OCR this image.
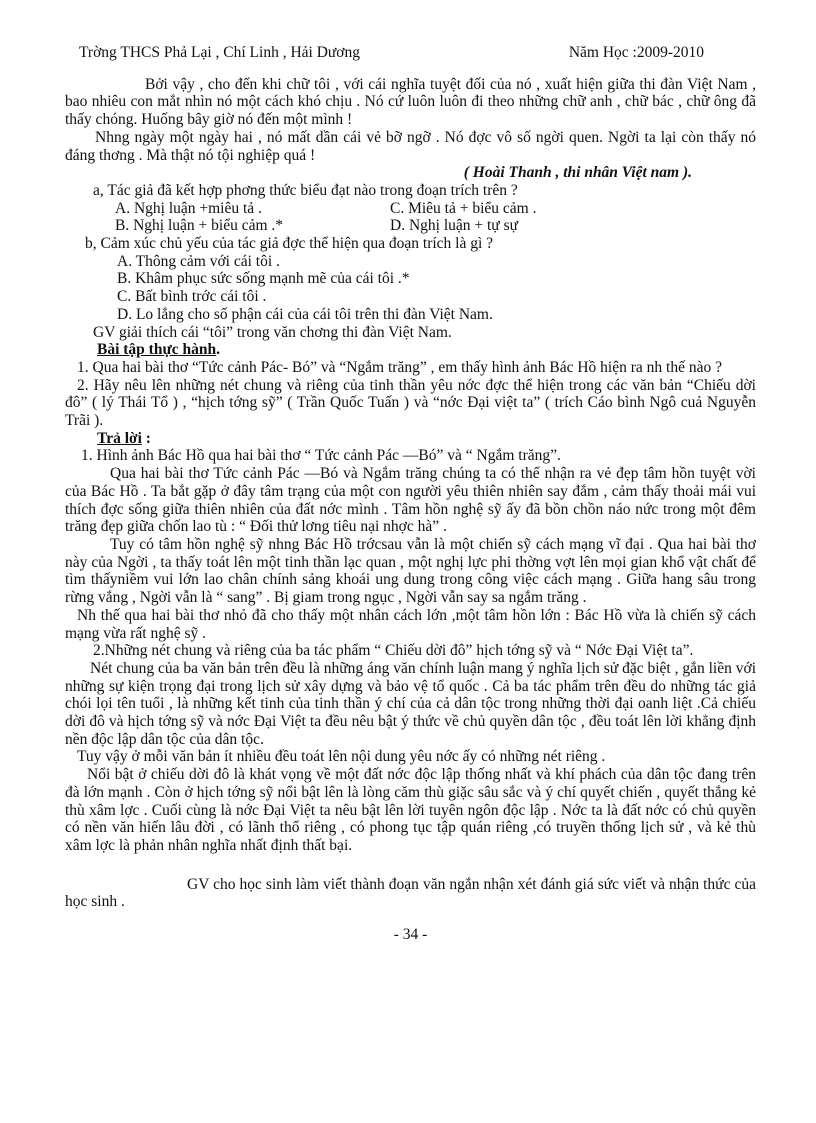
Trờng THCS Phả Lại , Chí Linh , Hải Dương	Năm Học :2009-2010
Bởi vậy , cho đến khi chữ tôi , với cái nghĩa tuyệt đối của nó , xuất hiện giữa thi đàn Việt Nam , bao nhiêu con mắt nhìn nó một cách khó chịu . Nó cứ luôn luôn đi theo những chữ anh , chữ bác , chữ ông đã thấy chóng. Huống bây giờ nó đến một mình !
Nhng ngày một ngày hai , nó mất dần cái vẻ bỡ ngỡ . Nó đợc vô số ngời quen. Ngời ta lại còn thấy nó đáng thơng . Mà thật nó tội nghiệp quá !
( Hoài Thanh , thi nhân Việt nam ).
a, Tác giả đã kết hợp phơng thức biểu đạt nào trong đoạn trích trên ?
A. Nghị luận +miêu tả .	C. Miêu tả + biểu cảm .
B. Nghị luận + biểu cảm .*	D. Nghị luận + tự sự
b, Cảm xúc chủ yếu của tác giả đợc thể hiện qua đoạn trích là gì ?
A. Thông cảm với cái tôi .
B. Khâm phục sức sống mạnh mẽ của cái tôi .*
C. Bất bình trớc cái tôi .
D. Lo lắng cho số phận cái của cái tôi trên thi đàn Việt Nam.
GV giải thích cái “tôi” trong văn chơng thi đàn Việt Nam.
Bài tập thực hành.
1. Qua hai bài thơ “Tức cảnh Pác- Bó” và “Ngắm trăng” , em thấy hình ảnh Bác Hồ hiện ra nh thế nào ?
2. Hãy nêu lên những nét chung và riêng của tinh thần yêu nớc đợc thể hiện trong các văn bản “Chiếu dời đô” ( lý Thái Tổ ) , “hịch tớng sỹ” ( Trần Quốc Tuấn ) và “nớc Đại việt ta” ( trích Cáo bình Ngô cuả Nguyễn Trãi ).
Trả lời :
1. Hình ảnh Bác Hồ qua hai bài thơ “ Tức cảnh Pác —Bó” và “ Ngắm trăng”.
Qua hai bài thơ Tức cảnh Pác —Bó và Ngắm trăng chúng ta có thể nhận ra vẻ đẹp tâm hồn tuyệt vời của Bác Hồ . Ta bắt gặp ở đây tâm trạng của một con người yêu thiên nhiên say đắm , cảm thấy thoải mái vui thích đợc sống giữa thiên nhiên của đất nớc mình . Tâm hồn nghệ sỹ ấy đã bồn chồn náo nức trong một đêm trăng đẹp giữa chốn lao tù : “ Đối thử lơng tiêu nại nhợc hà” .
Tuy có tâm hồn nghệ sỹ nhng Bác Hồ trớcsau vẫn là một chiến sỹ cách mạng vĩ đại . Qua hai bài thơ này của Ngời , ta thấy toát lên một tinh thần lạc quan , một nghị lực phi thờng vợt lên mọi gian khổ vật chất để tìm thấyniềm vui lớn lao chân chính sảng khoái ung dung trong công việc cách mạng . Giữa hang sâu trong rừng vắng , Ngời vẫn là “ sang” . Bị giam trong ngục , Ngời vẫn say sa ngắm trăng .
Nh thế qua hai bài thơ nhỏ đã cho thấy một nhân cách lớn ,một tâm hồn lớn : Bác Hồ vừa là chiến sỹ cách mạng vừa rất nghệ sỹ .
2.Những nét chung và riêng của ba tác phẩm “ Chiếu dời đô” hịch tớng sỹ và “ Nớc Đại Việt ta”.
Nét chung của ba văn bản trên đều là những áng văn chính luận mang ý nghĩa lịch sử đặc biệt , gắn liền với những sự kiện trọng đại trong lịch sử xây dựng và bảo vệ tổ quốc . Cả ba tác phẩm trên đều do những tác giả chói lọi tên tuổi , là những kết tinh của tinh thần ý chí của cả dân tộc trong những thời đại oanh liệt .Cả chiếu dời đô và hịch tớng sỹ và nớc Đại Việt ta đều nêu bật ý thức về chủ quyền dân tộc , đều toát lên lời khẳng định nền độc lập dân tộc của dân tộc.
Tuy vậy ở mỗi văn bản ít nhiều đều toát lên nội dung yêu nớc ấy có những nét riêng .
Nổi bật ở chiếu dời đô là khát vọng về một đất nớc độc lập thống nhất và khí phách của dân tộc đang trên đà lớn mạnh . Còn ở hịch tớng sỹ nổi bật lên là lòng căm thù giặc sâu sắc và ý chí quyết chiến , quyết thắng kẻ thù xâm lợc . Cuối cùng là nớc Đại Việt ta nêu bật lên lời tuyên ngôn độc lập . Nớc ta là đất nớc có chủ quyền có nền văn hiến lâu đời , có lãnh thổ riêng , có phong tục tập quán riêng ,có truyền thống lịch sử , và kẻ thù xâm lợc là phản nhân nghĩa nhất định thất bại.
GV cho học sinh làm viết thành đoạn văn ngắn nhận xét đánh giá sức viết và nhận thức của học sinh .
- 34 -
